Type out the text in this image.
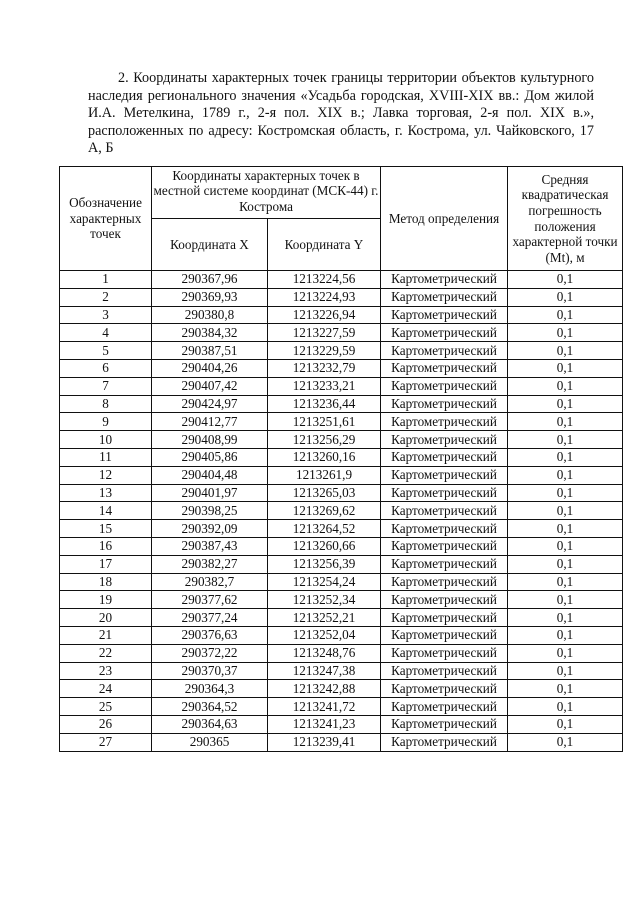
2. Координаты характерных точек границы территории объектов культурного наследия регионального значения «Усадьба городская, XVIII-XIX вв.: Дом жилой И.А. Метелкина, 1789 г., 2-я пол. XIX в.; Лавка торговая, 2-я пол. XIX в.», расположенных по адресу: Костромская область, г. Кострома, ул. Чайковского, 17 А, Б

Обозначение характерных точек	Координаты характерных точек в местной системе координат (МСК-44) г. Кострома		Метод определения	Средняя квадратическая погрешность положения характерной точки (Mt), м
	Координата X	Координата Y		
1	290367,96	1213224,56	Картометрический	0,1
2	290369,93	1213224,93	Картометрический	0,1
3	290380,8	1213226,94	Картометрический	0,1
4	290384,32	1213227,59	Картометрический	0,1
5	290387,51	1213229,59	Картометрический	0,1
6	290404,26	1213232,79	Картометрический	0,1
7	290407,42	1213233,21	Картометрический	0,1
8	290424,97	1213236,44	Картометрический	0,1
9	290412,77	1213251,61	Картометрический	0,1
10	290408,99	1213256,29	Картометрический	0,1
11	290405,86	1213260,16	Картометрический	0,1
12	290404,48	1213261,9	Картометрический	0,1
13	290401,97	1213265,03	Картометрический	0,1
14	290398,25	1213269,62	Картометрический	0,1
15	290392,09	1213264,52	Картометрический	0,1
16	290387,43	1213260,66	Картометрический	0,1
17	290382,27	1213256,39	Картометрический	0,1
18	290382,7	1213254,24	Картометрический	0,1
19	290377,62	1213252,34	Картометрический	0,1
20	290377,24	1213252,21	Картометрический	0,1
21	290376,63	1213252,04	Картометрический	0,1
22	290372,22	1213248,76	Картометрический	0,1
23	290370,37	1213247,38	Картометрический	0,1
24	290364,3	1213242,88	Картометрический	0,1
25	290364,52	1213241,72	Картометрический	0,1
26	290364,63	1213241,23	Картометрический	0,1
27	290365	1213239,41	Картометрический	0,1
